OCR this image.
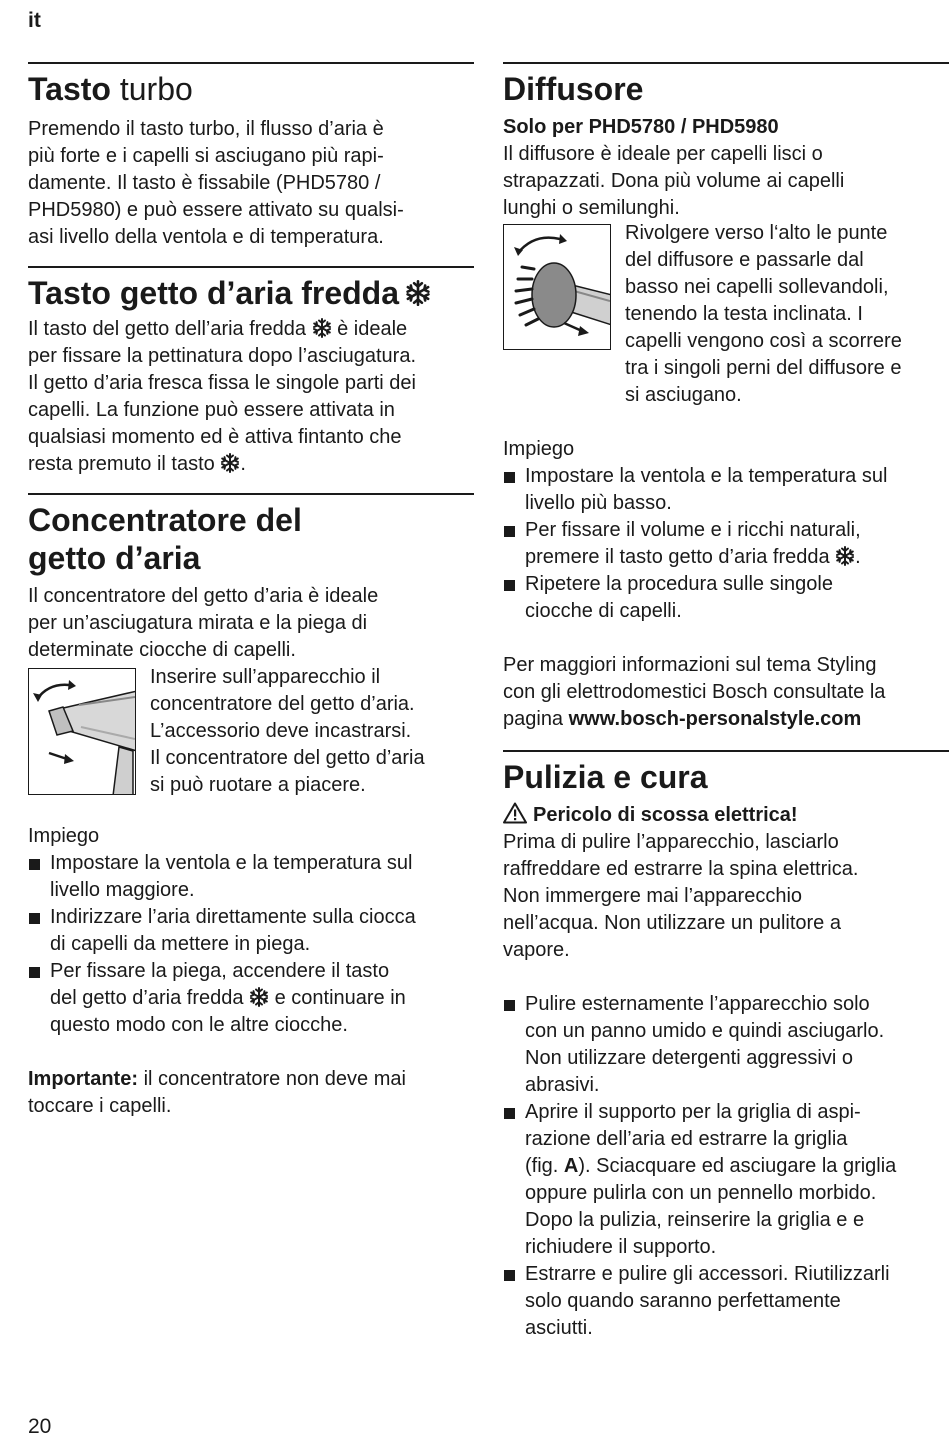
it
Tasto turbo
Premendo il tasto turbo, il flusso d’aria è
più forte e i capelli si asciugano più rapi-
damente. Il tasto è fissabile (PHD5780 /
PHD5980) e può essere attivato su qualsi-
asi livello della ventola e di temperatura.
Tasto getto d’aria fredda
Il tasto del getto dell’aria fredda è ideale
per fissare la pettinatura dopo l’asciugatura.
Il getto d’aria fresca fissa le singole parti dei
capelli. La funzione può essere attivata in
qualsiasi momento ed è attiva fintanto che
resta premuto il tasto .
Concentratore del
getto d’aria
Il concentratore del getto d’aria è ideale
per un’asciugatura mirata e la piega di
determinate ciocche di capelli.
Inserire sull’apparecchio il
concentratore del getto d’aria.
L’accessorio deve incastrarsi.
Il concentratore del getto d’aria
si può ruotare a piacere.
Impiego
Impostare la ventola e la temperatura sul
livello maggiore.
Indirizzare l’aria direttamente sulla ciocca
di capelli da mettere in piega.
Per fissare la piega, accendere il tasto
del getto d’aria fredda e continuare in
questo modo con le altre ciocche.
Importante: il concentratore non deve mai
toccare i capelli.
Diffusore
Solo per PHD5780 / PHD5980
Il diffusore è ideale per capelli lisci o
strapazzati. Dona più volume ai capelli
lunghi o semilunghi.
Rivolgere verso l‘alto le punte
del diffusore e passarle dal
basso nei capelli sollevandoli,
tenendo la testa inclinata. I
capelli vengono così a scorrere
tra i singoli perni del diffusore e
si asciugano.
Impiego
Impostare la ventola e la temperatura sul
livello più basso.
Per fissare il volume e i ricchi naturali,
premere il tasto getto d’aria fredda .
Ripetere la procedura sulle singole
ciocche di capelli.
Per maggiori informazioni sul tema Styling
con gli elettrodomestici Bosch consultate la
pagina www.bosch-personalstyle.com
Pulizia e cura
Pericolo di scossa elettrica!
Prima di pulire l’apparecchio, lasciarlo
raffreddare ed estrarre la spina elettrica.
Non immergere mai l’apparecchio
nell’acqua. Non utilizzare un pulitore a
vapore.
Pulire esternamente l’apparecchio solo
con un panno umido e quindi asciugarlo.
Non utilizzare detergenti aggressivi o
abrasivi.
Aprire il supporto per la griglia di aspi-
razione dell’aria ed estrarre la griglia
(fig. A). Sciacquare ed asciugare la griglia
oppure pulirla con un pennello morbido.
Dopo la pulizia, reinserire la griglia e e
richiudere il supporto.
Estrarre e pulire gli accessori. Riutilizzarli
solo quando saranno perfettamente
asciutti.
20
